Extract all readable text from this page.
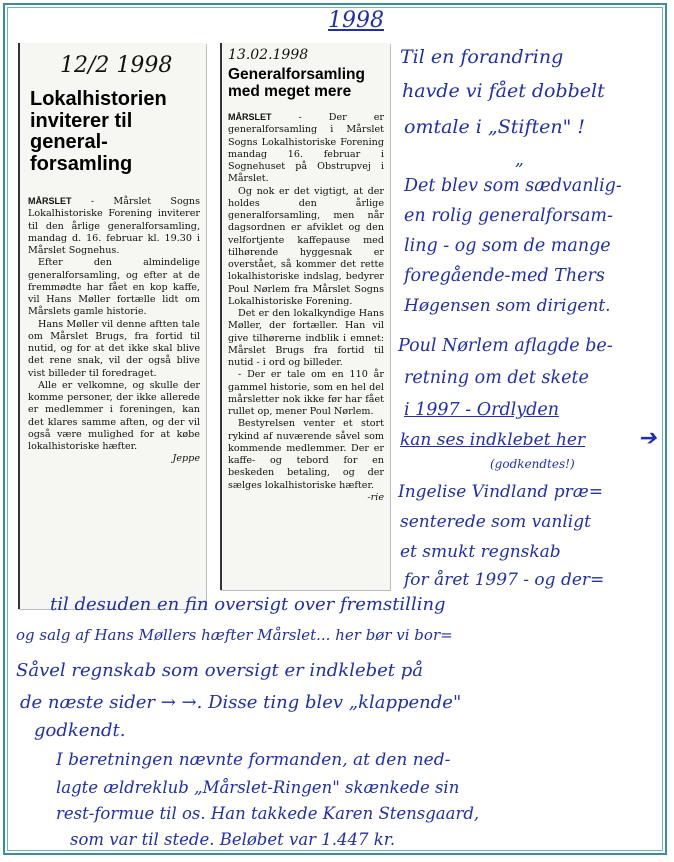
1998
12/2 1998
Lokalhistorien
inviterer til
general-
forsamling

MÅRSLET - Mårslet Sogns Lokalhistoriske Forening inviterer til den årlige generalforsamling, mandag d. 16. februar kl. 19.30 i Mårslet Sognehus.

Efter den almindelige generalforsamling, og efter at de fremmødte har fået en kop kaffe, vil Hans Møller fortælle lidt om Mårslets gamle historie.

Hans Møller vil denne aftten tale om Mårslet Brugs, fra fortid til nutid, og for at det ikke skal blive det rene snak, vil der også blive vist billeder til foredraget.

Alle er velkomne, og skulle der komme personer, der ikke allerede er medlemmer i foreningen, kan det klares samme aften, og der vil også være mulighed for at købe lokalhistoriske hæfter.

Jeppe
13.02.1998
Generalforsamling
med meget mere

MÅRSLET - Der er generalforsamling i Mårslet Sogns Lokalhistoriske Forening mandag 16. februar i Sognehuset på Obstrupvej i Mårslet.

Og nok er det vigtigt, at der holdes den årlige generalforsamling, men når dagsordnen er afviklet og den velfortjente kaffepause med tilhørende hyggesnak er overstået, så kommer det rette lokalhistoriske indslag, bedyrer Poul Nørlem fra Mårslet Sogns Lokalhistoriske Forening.

Det er den lokalkyndige Hans Møller, der fortæller. Han vil give tilhørerne indblik i emnet: Mårslet Brugs fra fortid til nutid - i ord og billeder.

- Der er tale om en 110 år gammel historie, som en hel del mårsletter nok ikke før har fået rullet op, mener Poul Nørlem.

Bestyrelsen venter et stort rykind af nuværende såvel som kommende medlemmer. Der er kaffe- og tebord for en beskeden betaling, og der sælges lokalhistoriske hæfter.

-rie
Til en forandring
havde vi fået dobbelt
omtale i „Stiften" !
„
Det blev som sædvanlig-
en rolig generalforsam-
ling - og som de mange
foregående-med Thers
Høgensen som dirigent.
Poul Nørlem aflagde be-
retning om det skete
i 1997 - Ordlyden
kan ses indklebet her ➔
(godkendtes!)
Ingelise Vindland præ=
senterede som vanligt
et smukt regnskab
for året 1997 - og der=
til desuden en fin oversigt over fremstilling
og salg af Hans Møllers hæfter Mårslet... her bør vi bor=
Såvel regnskab som oversigt er indklebet på
de næste sider → →. Disse ting blev „klappende"
godkendt.
I beretningen nævnte formanden, at den ned-
lagte ældreklub „Mårslet-Ringen" skænkede sin
rest-formue til os. Han takkede Karen Stensgaard,
som var til stede. Beløbet var 1.447 kr.
